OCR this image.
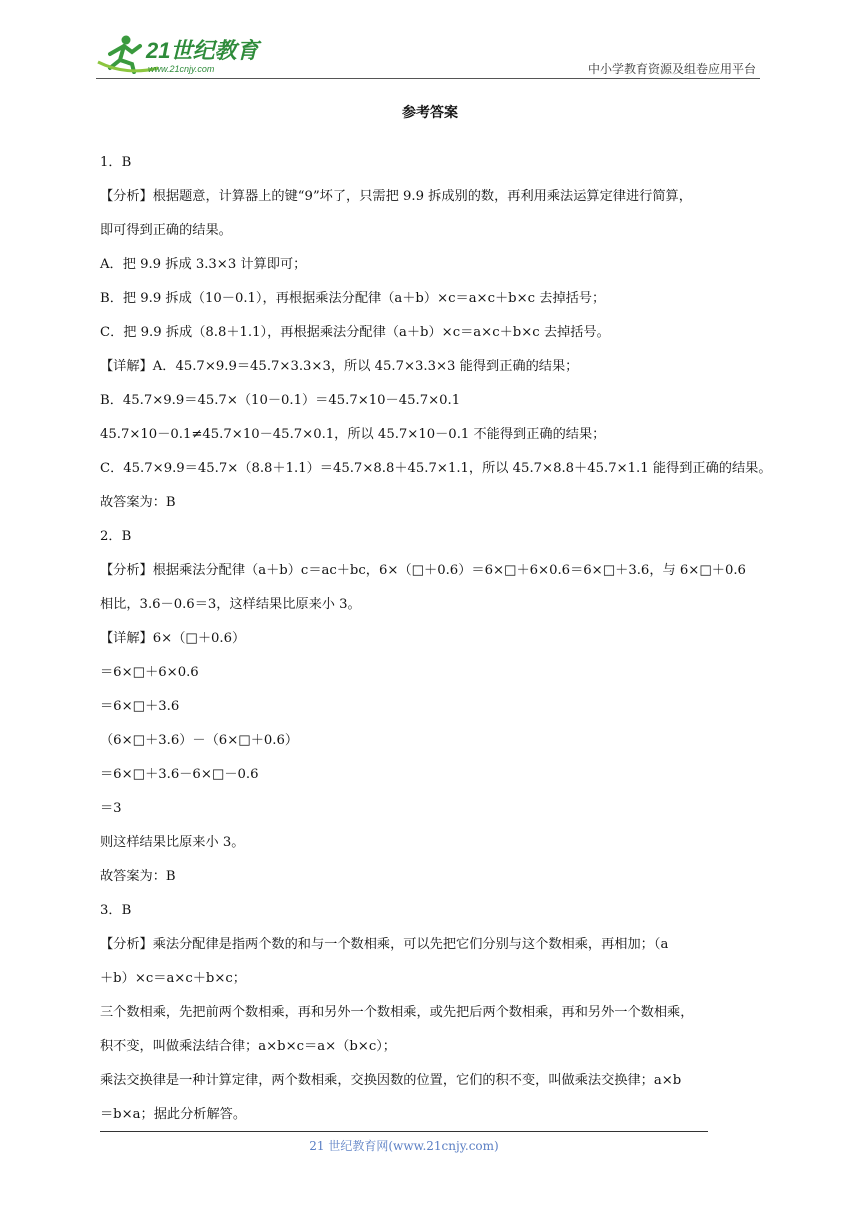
21世纪教育
www.21cnjy.com	中小学教育资源及组卷应用平台
参考答案
1．B
【分析】根据题意，计算器上的键“9”坏了，只需把 9.9 拆成别的数，再利用乘法运算定律进行简算，
即可得到正确的结果。
A．把 9.9 拆成 3.3×3 计算即可；
B．把 9.9 拆成（10－0.1），再根据乘法分配律（a＋b）×c＝a×c＋b×c 去掉括号；
C．把 9.9 拆成（8.8＋1.1），再根据乘法分配律（a＋b）×c＝a×c＋b×c 去掉括号。
【详解】A．45.7×9.9＝45.7×3.3×3，所以 45.7×3.3×3 能得到正确的结果；
B．45.7×9.9＝45.7×（10－0.1）＝45.7×10－45.7×0.1
45.7×10－0.1≠45.7×10－45.7×0.1，所以 45.7×10－0.1 不能得到正确的结果；
C．45.7×9.9＝45.7×（8.8＋1.1）＝45.7×8.8＋45.7×1.1，所以 45.7×8.8＋45.7×1.1 能得到正确的结果。
故答案为：B
2．B
【分析】根据乘法分配律（a＋b）c＝ac＋bc，6×（□＋0.6）＝6×□＋6×0.6＝6×□＋3.6，与 6×□＋0.6
相比，3.6－0.6＝3，这样结果比原来小 3。
【详解】6×（□＋0.6）
＝6×□＋6×0.6
＝6×□＋3.6
（6×□＋3.6）－（6×□＋0.6）
＝6×□＋3.6－6×□－0.6
＝3
则这样结果比原来小 3。
故答案为：B
3．B
【分析】乘法分配律是指两个数的和与一个数相乘，可以先把它们分别与这个数相乘，再相加；（a
＋b）×c＝a×c＋b×c；
三个数相乘，先把前两个数相乘，再和另外一个数相乘，或先把后两个数相乘，再和另外一个数相乘，
积不变，叫做乘法结合律；a×b×c＝a×（b×c）；
乘法交换律是一种计算定律，两个数相乘，交换因数的位置，它们的积不变，叫做乘法交换律；a×b
＝b×a；据此分析解答。
21 世纪教育网(www.21cnjy.com)
